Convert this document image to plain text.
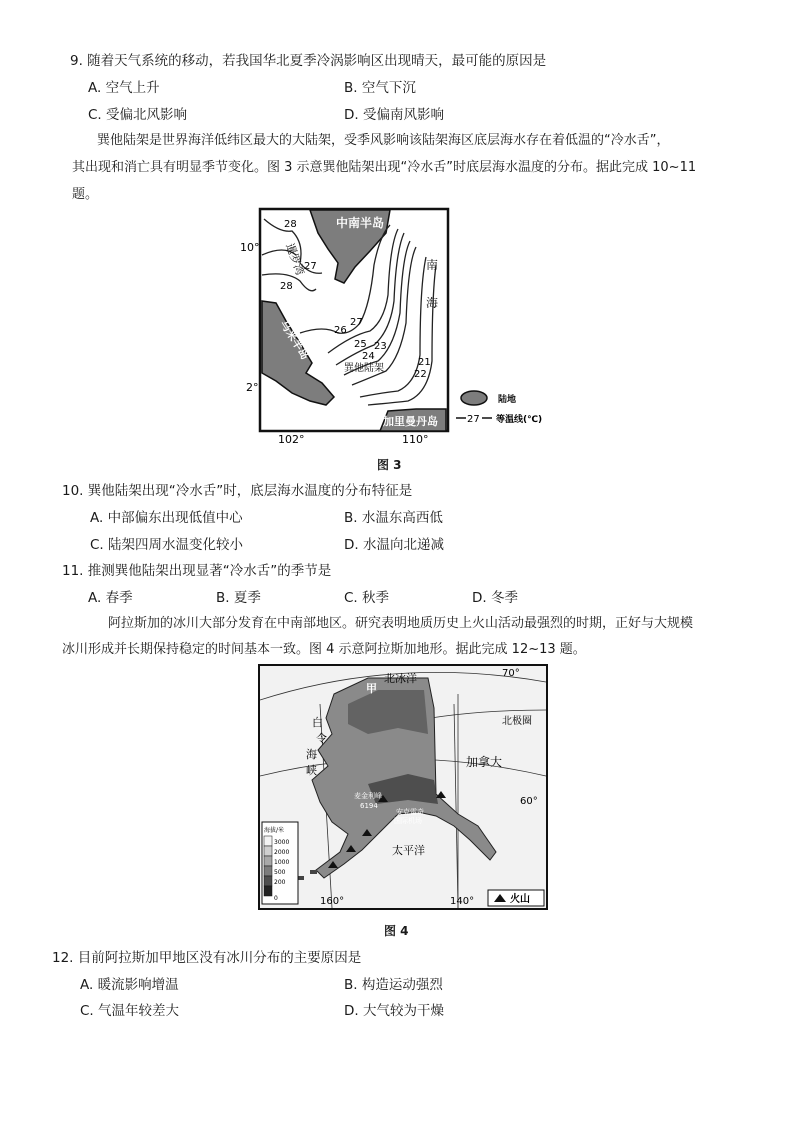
9. 随着天气系统的移动，若我国华北夏季冷涡影响区出现晴天，最可能的原因是
A. 空气上升	B. 空气下沉
C. 受偏北风影响	D. 受偏南风影响
巽他陆架是世界海洋低纬区最大的大陆架，受季风影响该陆架海区底层海水存在着低温的“冷水舌”，
其出现和消亡具有明显季节变化。图 3 示意巽他陆架出现“冷水舌”时底层海水温度的分布。据此完成 10~11
题。
中南半岛
暹罗湾	南
海
马来半岛
巽他陆架
加里曼丹岛
28
27
28
27
26
25 23
24
21
22
10°
2°
102°	110°
陆地
27 等温线(℃)
图 3
10. 巽他陆架出现“冷水舌”时，底层海水温度的分布特征是
A. 中部偏东出现低值中心	B. 水温东高西低
C. 陆架四周水温变化较小	D. 水温向北递减
11. 推测巽他陆架出现显著“冷水舌”的季节是
A. 春季	B. 夏季	C. 秋季	D. 冬季
阿拉斯加的冰川大部分发育在中南部地区。研究表明地质历史上火山活动最强烈的时期，正好与大规模
冰川形成并长期保持稳定的时间基本一致。图 4 示意阿拉斯加地形。据此完成 12~13 题。
北冰洋
甲
70°
北极圈
白
令
海
峡
加拿大
麦金利峰
6194
安克雷奇
国际机场
60°
太平洋
160°	140°
海拔/米
3000
2000
1000
500
200
0	火山
图 4
12. 目前阿拉斯加甲地区没有冰川分布的主要原因是
A. 暖流影响增温	B. 构造运动强烈
C. 气温年较差大	D. 大气较为干燥
